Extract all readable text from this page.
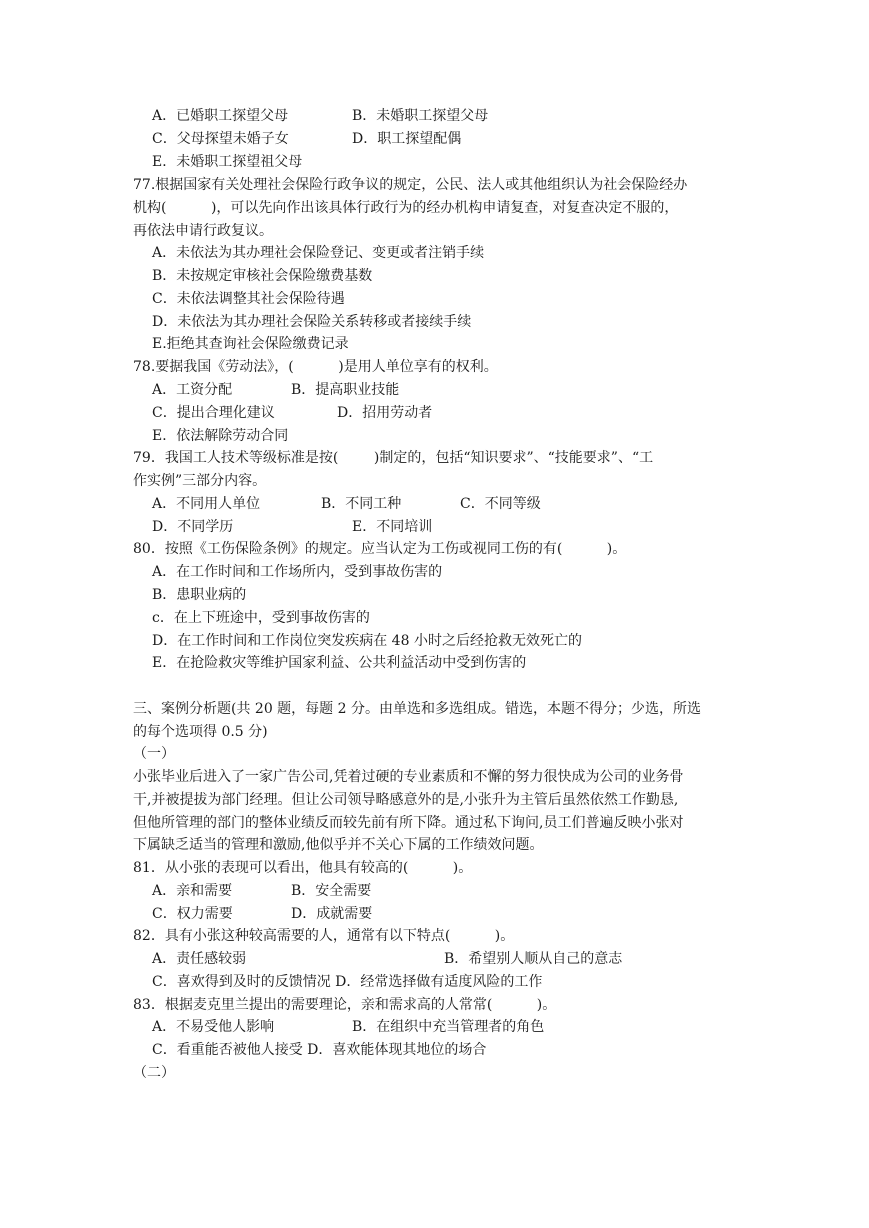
A．已婚职工探望父母	B．未婚职工探望父母
C．父母探望未婚子女	D．职工探望配偶
E．未婚职工探望祖父母
77.根据国家有关处理社会保险行政争议的规定，公民、法人或其他组织认为社会保险经办
机构(          )，可以先向作出该具体行政行为的经办机构申请复查，对复查决定不服的，
再依法申请行政复议。
A．未依法为其办理社会保险登记、变更或者注销手续
B．未按规定审核社会保险缴费基数
C．未依法调整其社会保险待遇
D．未依法为其办理社会保险关系转移或者接续手续
E.拒绝其查询社会保险缴费记录
78.要据我国《劳动法》，(          )是用人单位享有的权利。
A．工资分配	B．提高职业技能
C．提出合理化建议	D．招用劳动者
E．依法解除劳动合同
79．我国工人技术等级标准是按(        )制定的，包括“知识要求”、“技能要求”、“工
作实例”三部分内容。
A．不同用人单位	B．不同工种	C．不同等级
D．不同学历	E．不同培训
80．按照《工伤保险条例》的规定。应当认定为工伤或视同工伤的有(          )。
A．在工作时间和工作场所内，受到事故伤害的
B．患职业病的
c．在上下班途中，受到事故伤害的
D．在工作时间和工作岗位突发疾病在 48 小时之后经抢救无效死亡的
E．在抢险救灾等维护国家利益、公共利益活动中受到伤害的
三、案例分析题(共 20 题，每题 2 分。由单选和多选组成。错选，本题不得分；少选，所选
的每个选项得 0.5 分)
（一）
小张毕业后进入了一家广告公司,凭着过硬的专业素质和不懈的努力很快成为公司的业务骨
干,并被提拔为部门经理。但让公司领导略感意外的是,小张升为主管后虽然依然工作勤恳,
但他所管理的部门的整体业绩反而较先前有所下降。通过私下询问,员工们普遍反映小张对
下属缺乏适当的管理和激励,他似乎并不关心下属的工作绩效问题。
81．从小张的表现可以看出，他具有较高的(          )。
A．亲和需要	B．安全需要
C．权力需要	D．成就需要
82．具有小张这种较高需要的人，通常有以下特点(          )。
A．责任感较弱	B．希望别人顺从自己的意志
C．喜欢得到及时的反馈情况 D．经常选择做有适度风险的工作
83．根据麦克里兰提出的需要理论，亲和需求高的人常常(          )。
A．不易受他人影响	B．在组织中充当管理者的角色
C．看重能否被他人接受 D．喜欢能体现其地位的场合
（二）
